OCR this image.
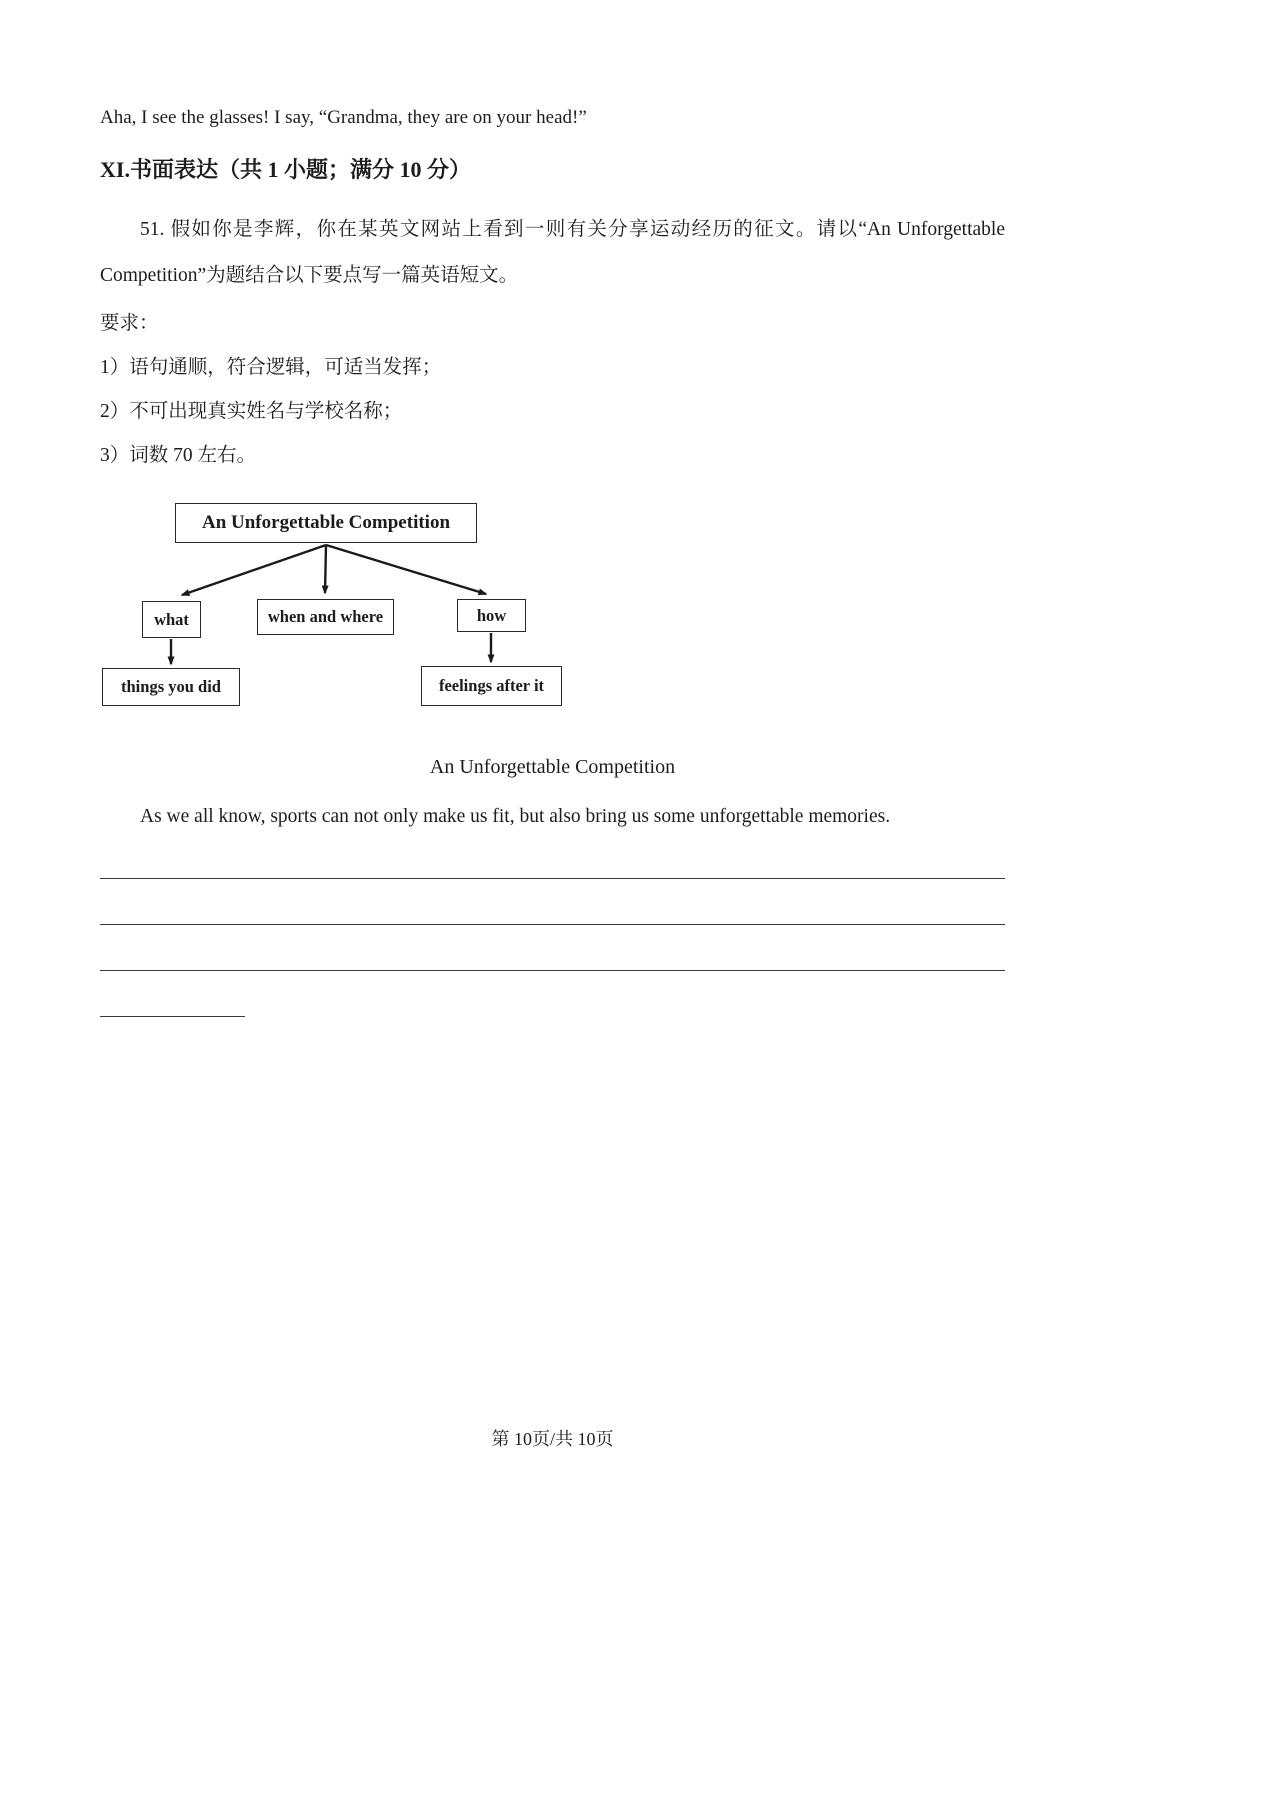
Aha, I see the glasses! I say, “Grandma, they are on your head!”

XI.书面表达（共 1 小题；满分 10 分）

51. 假如你是李辉，你在某英文网站上看到一则有关分享运动经历的征文。请以“An Unforgettable Competition”为题结合以下要点写一篇英语短文。

要求：

1）语句通顺，符合逻辑，可适当发挥；

2）不可出现真实姓名与学校名称；

3）词数 70 左右。

An Unforgettable Competition
what	when and where	how
things you did	feelings after it

An Unforgettable Competition

As we all know, sports can not only make us fit, but also bring us some unforgettable memories.

第 10页/共 10页
